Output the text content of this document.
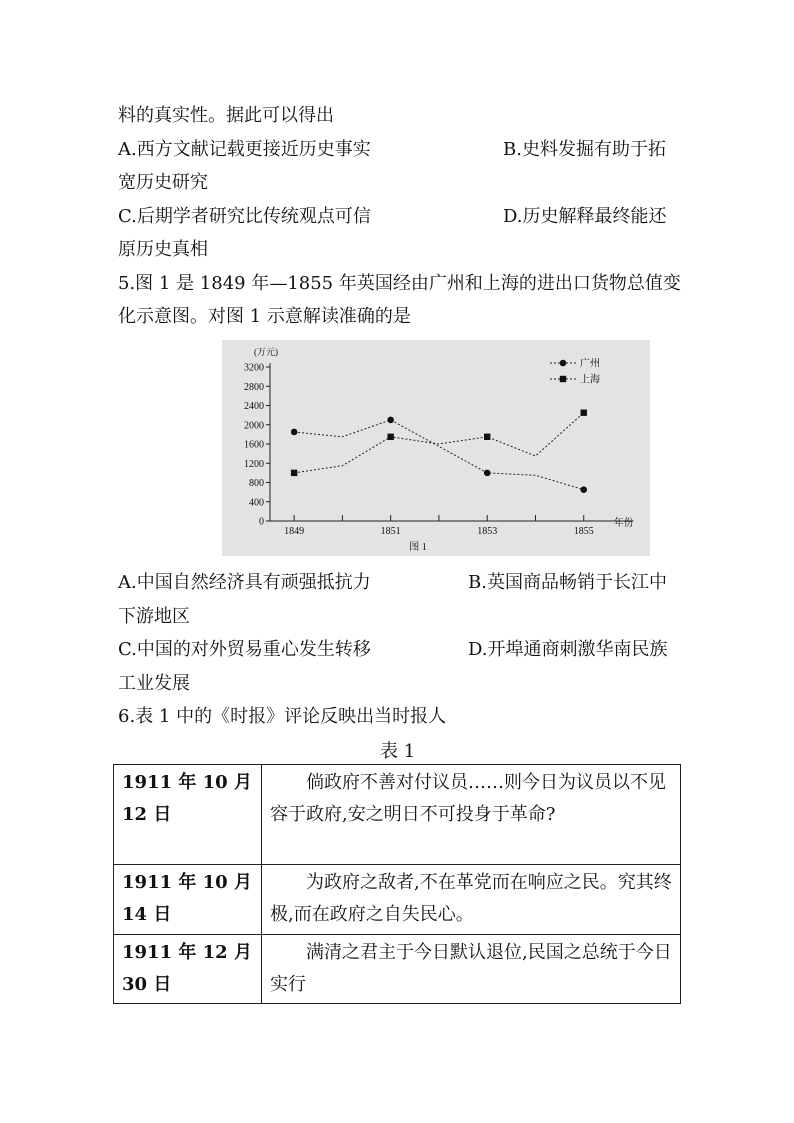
料的真实性。据此可以得出
A.西方文献记载更接近历史事实	B.史料发掘有助于拓
宽历史研究
C.后期学者研究比传统观点可信	D.历史解释最终能还
原历史真相
5.图 1 是 1849 年—1855 年英国经由广州和上海的进出口货物总值变
化示意图。对图 1 示意解读准确的是
0
400
800
1200
1600
2000
2400
2800
3200
1849	1851	1853	1855
(万元)
年份
图 1
广州
上海
A.中国自然经济具有顽强抵抗力	B.英国商品畅销于长江中
下游地区
C.中国的对外贸易重心发生转移	D.开埠通商刺激华南民族
工业发展
6.表 1 中的《时报》评论反映出当时报人
表 1
1911 年 10 月 12 日	倘政府不善对付议员……则今日为议员以不见容于政府,安之明日不可投身于革命?
1911 年 10 月 14 日	为政府之敌者,不在革党而在响应之民。究其终极,而在政府之自失民心。
1911 年 12 月 30 日	满清之君主于今日默认退位,民国之总统于今日实行
